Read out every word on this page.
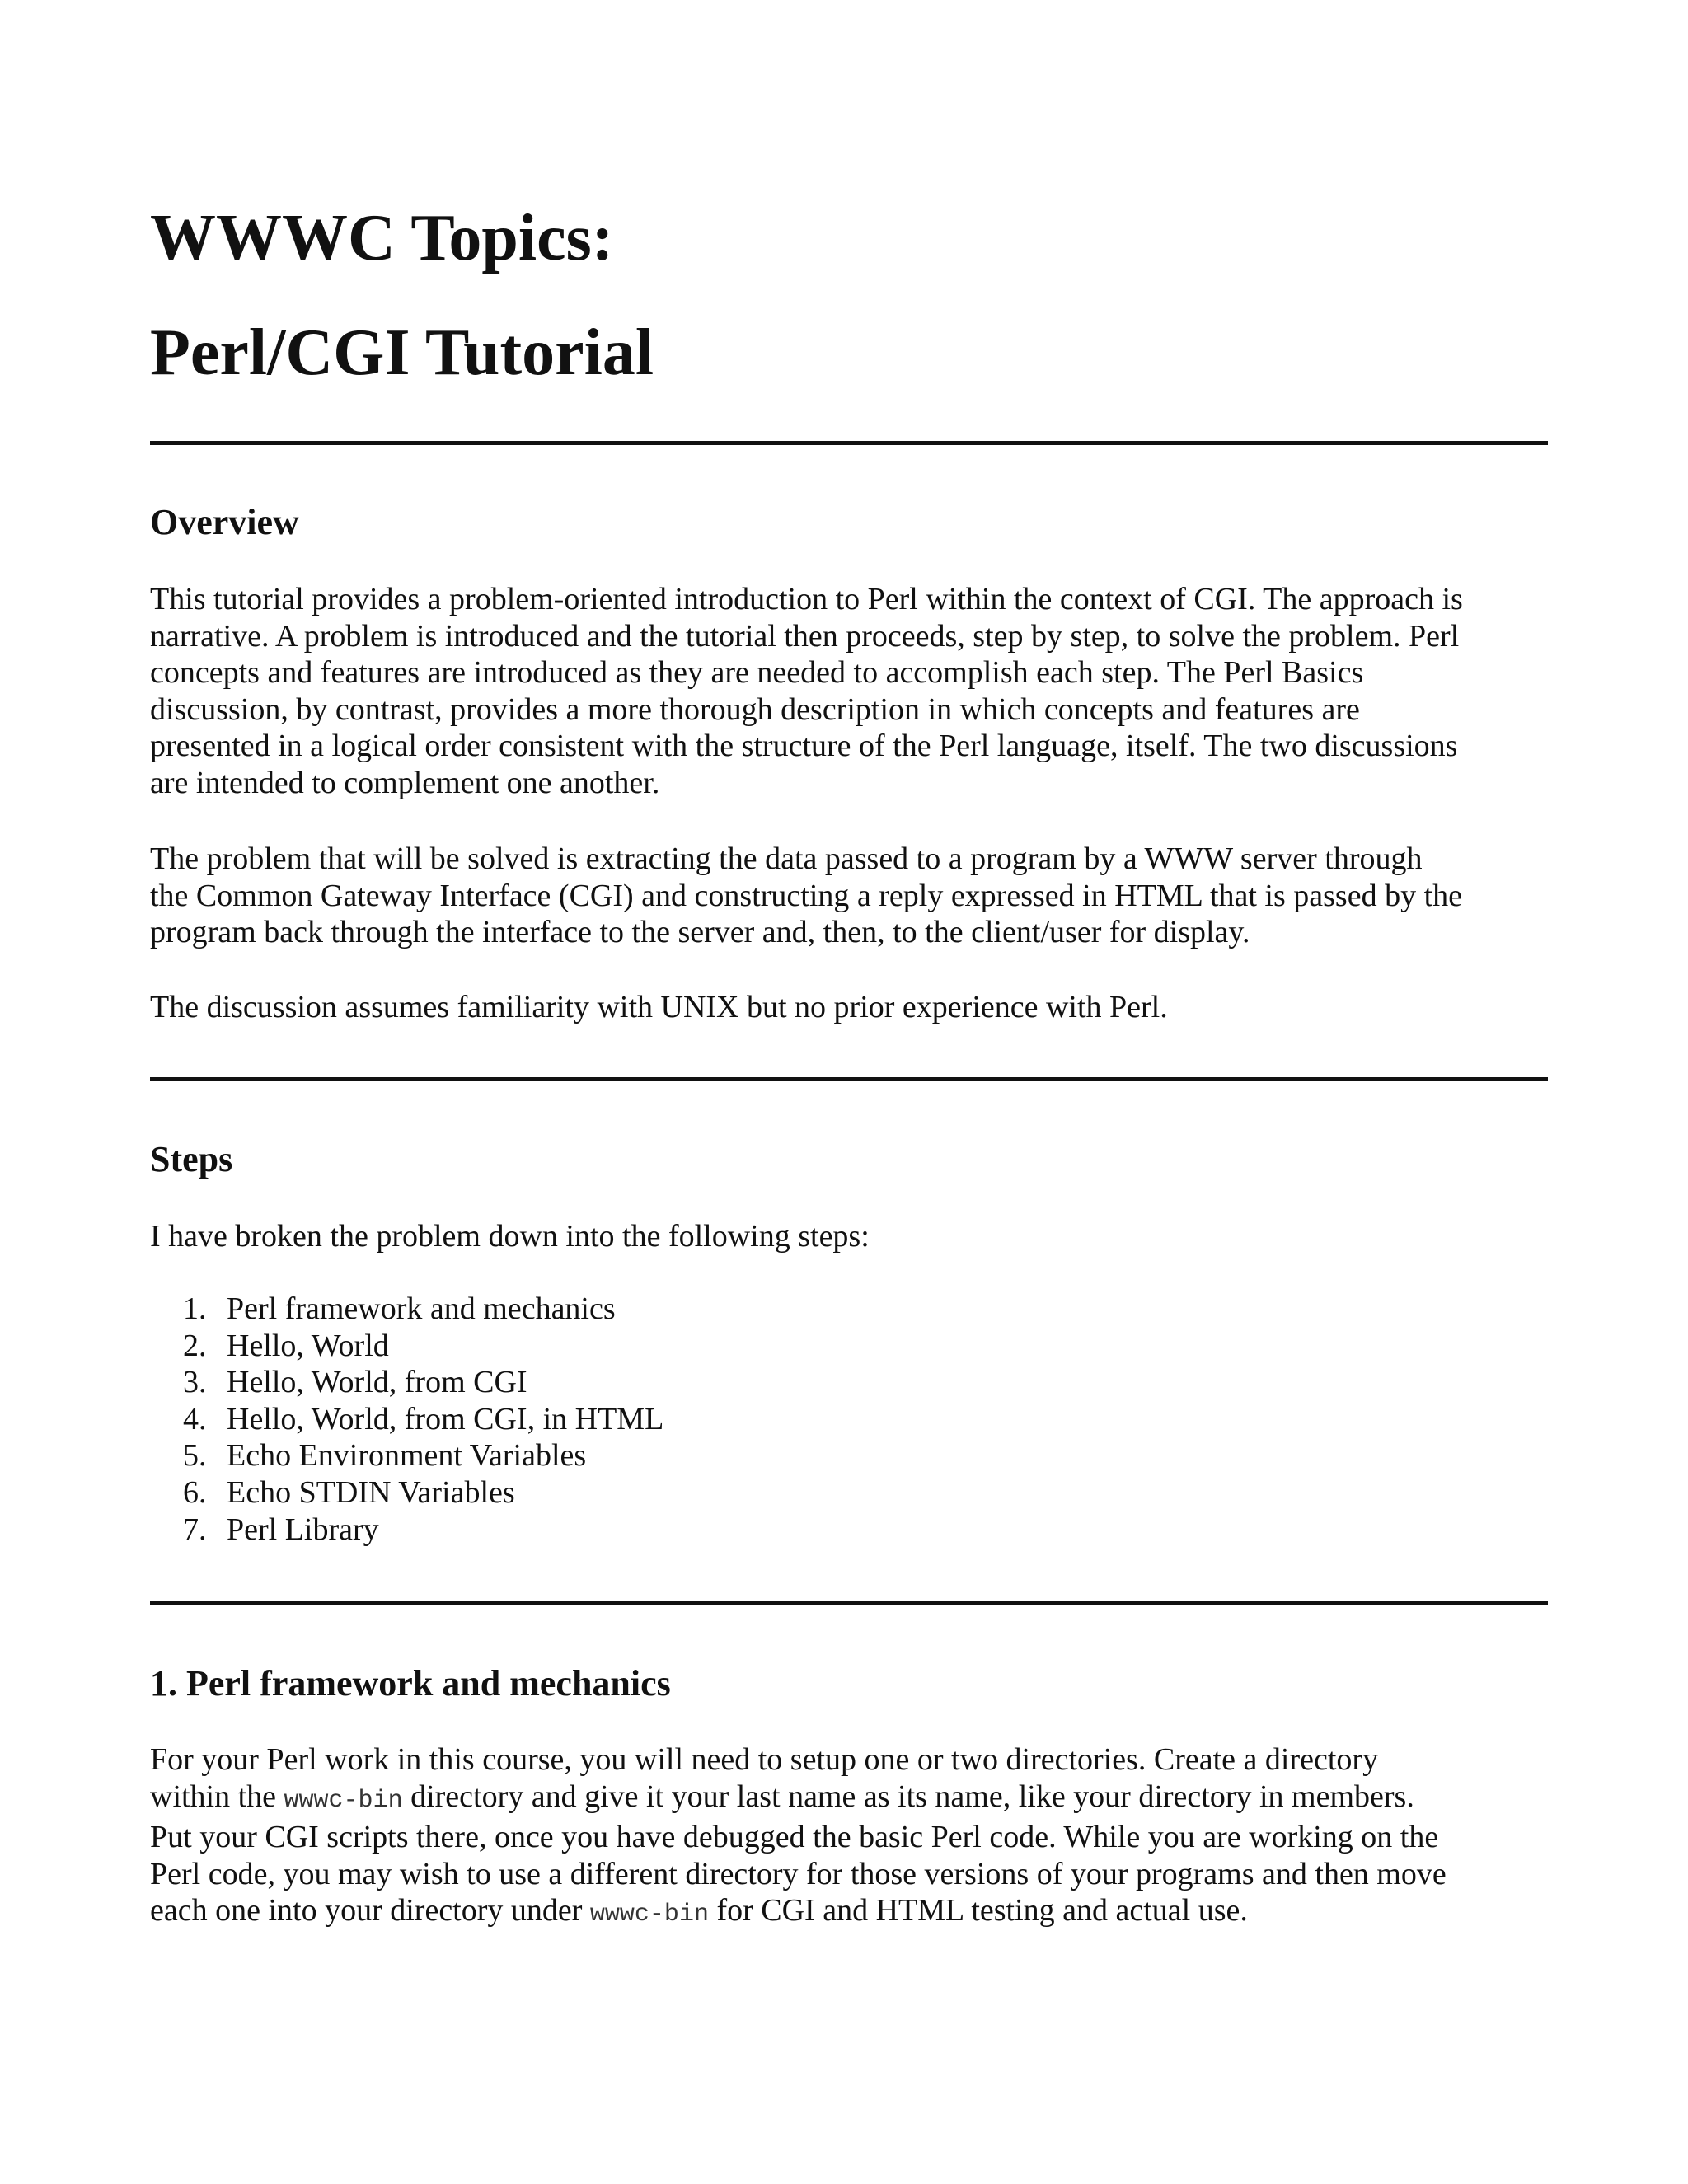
WWWC Topics:
Perl/CGI Tutorial
Overview

This tutorial provides a problem-oriented introduction to Perl within the context of CGI. The approach is
narrative. A problem is introduced and the tutorial then proceeds, step by step, to solve the problem. Perl
concepts and features are introduced as they are needed to accomplish each step. The Perl Basics
discussion, by contrast, provides a more thorough description in which concepts and features are
presented in a logical order consistent with the structure of the Perl language, itself. The two discussions
are intended to complement one another.

The problem that will be solved is extracting the data passed to a program by a WWW server through
the Common Gateway Interface (CGI) and constructing a reply expressed in HTML that is passed by the
program back through the interface to the server and, then, to the client/user for display.

The discussion assumes familiarity with UNIX but no prior experience with Perl.

Steps

I have broken the problem down into the following steps:

1. Perl framework and mechanics
2. Hello, World
3. Hello, World, from CGI
4. Hello, World, from CGI, in HTML
5. Echo Environment Variables
6. Echo STDIN Variables
7. Perl Library
1. Perl framework and mechanics

For your Perl work in this course, you will need to setup one or two directories. Create a directory
within the wwwc-bin directory and give it your last name as its name, like your directory in members.
Put your CGI scripts there, once you have debugged the basic Perl code. While you are working on the
Perl code, you may wish to use a different directory for those versions of your programs and then move
each one into your directory under wwwc-bin for CGI and HTML testing and actual use.
